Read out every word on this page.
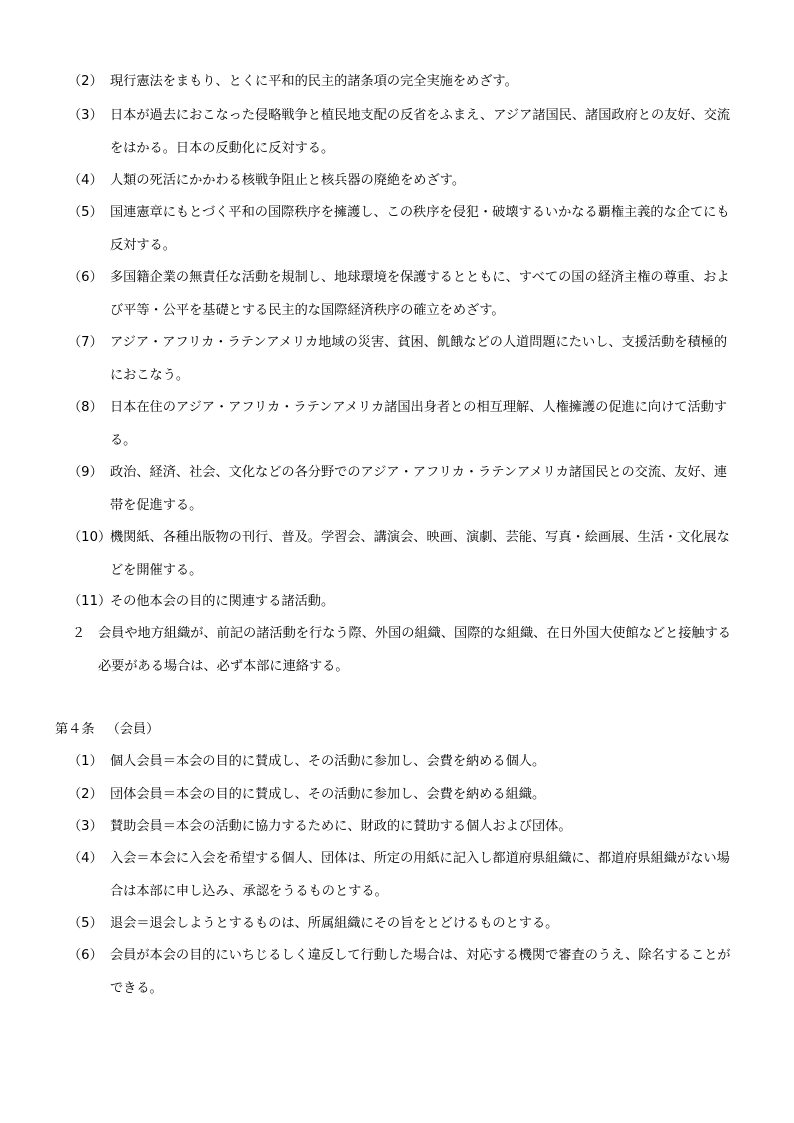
（2） 現行憲法をまもり、とくに平和的民主的諸条項の完全実施をめざす。
（3） 日本が過去におこなった侵略戦争と植民地支配の反省をふまえ、アジア諸国民、諸国政府との友好、交流をはかる。日本の反動化に反対する。
（4） 人類の死活にかかわる核戦争阻止と核兵器の廃絶をめざす。
（5） 国連憲章にもとづく平和の国際秩序を擁護し、この秩序を侵犯・破壊するいかなる覇権主義的な企てにも反対する。
（6） 多国籍企業の無責任な活動を規制し、地球環境を保護するとともに、すべての国の経済主権の尊重、および平等・公平を基礎とする民主的な国際経済秩序の確立をめざす。
（7） アジア・アフリカ・ラテンアメリカ地域の災害、貧困、飢餓などの人道問題にたいし、支援活動を積極的におこなう。
（8） 日本在住のアジア・アフリカ・ラテンアメリカ諸国出身者との相互理解、人権擁護の促進に向けて活動する。
（9） 政治、経済、社会、文化などの各分野でのアジア・アフリカ・ラテンアメリカ諸国民との交流、友好、連帯を促進する。
（10）
機関紙、各種出版物の刊行、普及。学習会、講演会、映画、演劇、芸能、写真・絵画展、生活・文化展などを開催する。
（11）
その他本会の目的に関連する諸活動。
２ 会員や地方組織が、前記の諸活動を行なう際、外国の組織、国際的な組織、在日外国大使館などと接触する必要がある場合は、必ず本部に連絡する。
第４条 （会員）
（1） 個人会員＝本会の目的に賛成し、その活動に参加し、会費を納める個人。
（2） 団体会員＝本会の目的に賛成し、その活動に参加し、会費を納める組織。
（3） 賛助会員＝本会の活動に協力するために、財政的に賛助する個人および団体。
（4） 入会＝本会に入会を希望する個人、団体は、所定の用紙に記入し都道府県組織に、都道府県組織がない場合は本部に申し込み、承認をうるものとする。
（5） 退会＝退会しようとするものは、所属組織にその旨をとどけるものとする。
（6） 会員が本会の目的にいちじるしく違反して行動した場合は、対応する機関で審査のうえ、除名することができる。
